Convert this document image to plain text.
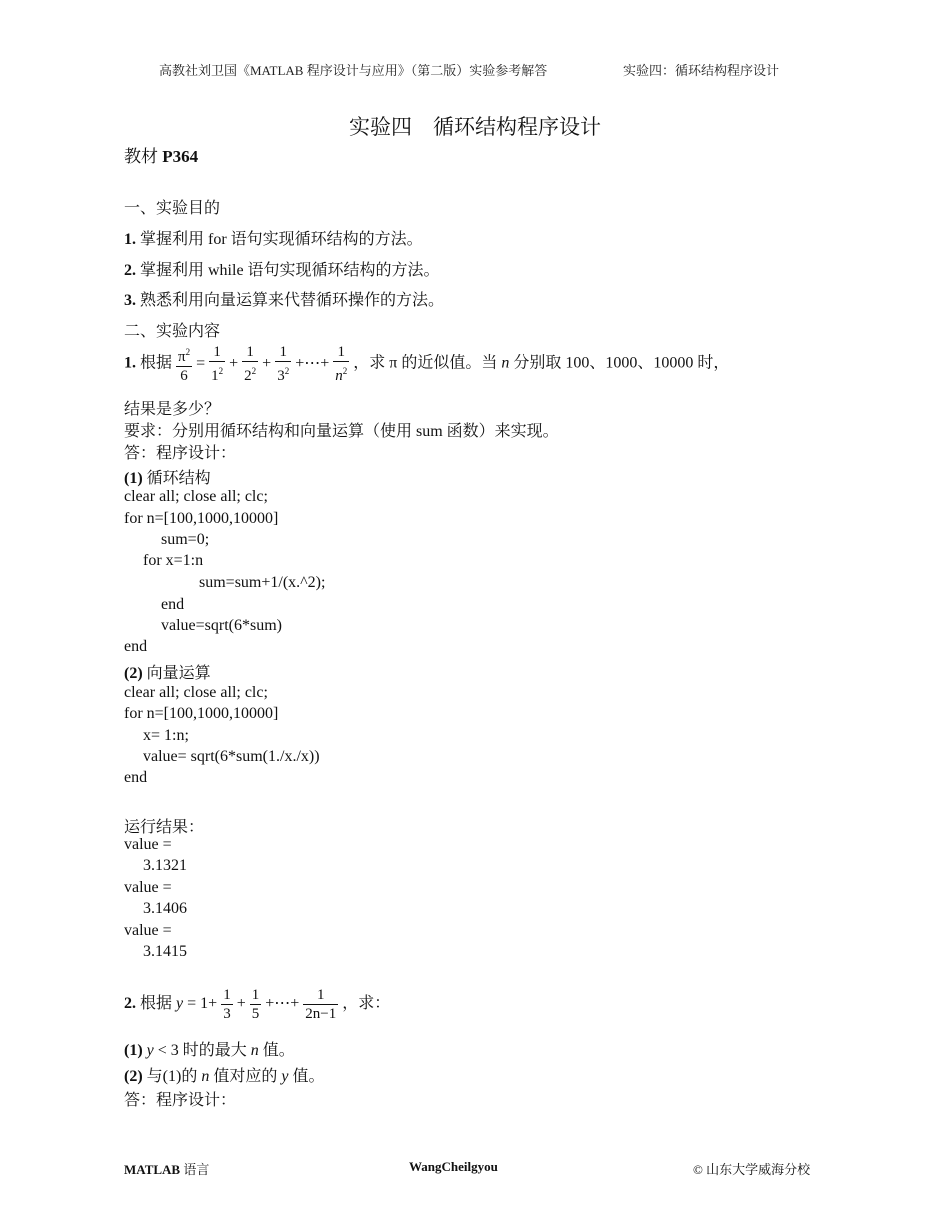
高教社刘卫国《MATLAB 程序设计与应用》（第二版）实验参考解答	实验四：循环结构程序设计
实验四　循环结构程序设计
教材 P364
一、实验目的
1. 掌握利用 for 语句实现循环结构的方法。
2. 掌握利用 while 语句实现循环结构的方法。
3. 熟悉利用向量运算来代替循环操作的方法。
二、实验内容
1. 根据 $\frac{\pi^2}{6} = \frac{1}{1^2} + \frac{1}{2^2} + \frac{1}{3^2}$ +⋯+ $\frac{1}{n^2}$ ，求 π 的近似值。当 n 分别取 100、1000、10000 时，
结果是多少？
要求：分别用循环结构和向量运算（使用 sum 函数）来实现。
答：程序设计：
(1) 循环结构
clear all; close all; clc;
for n=[100,1000,10000]
sum=0;
for x=1:n
sum=sum+1/(x.^2);
end
value=sqrt(6*sum)
end
(2) 向量运算
clear all; close all; clc;
for n=[100,1000,10000]
x= 1:n;
value= sqrt(6*sum(1./x./x))
end
运行结果：
value =
3.1321
value =
3.1406
value =
3.1415
2. 根据 $y = 1+ \frac{1}{3} + \frac{1}{5}$ +⋯+ $\frac{1}{2n-1}$ ，求：
(1) y < 3 时的最大 n 值。
(2) 与(1)的 n 值对应的 y 值。
答：程序设计：
MATLAB 语言	WangCheilgyou	© 山东大学威海分校
